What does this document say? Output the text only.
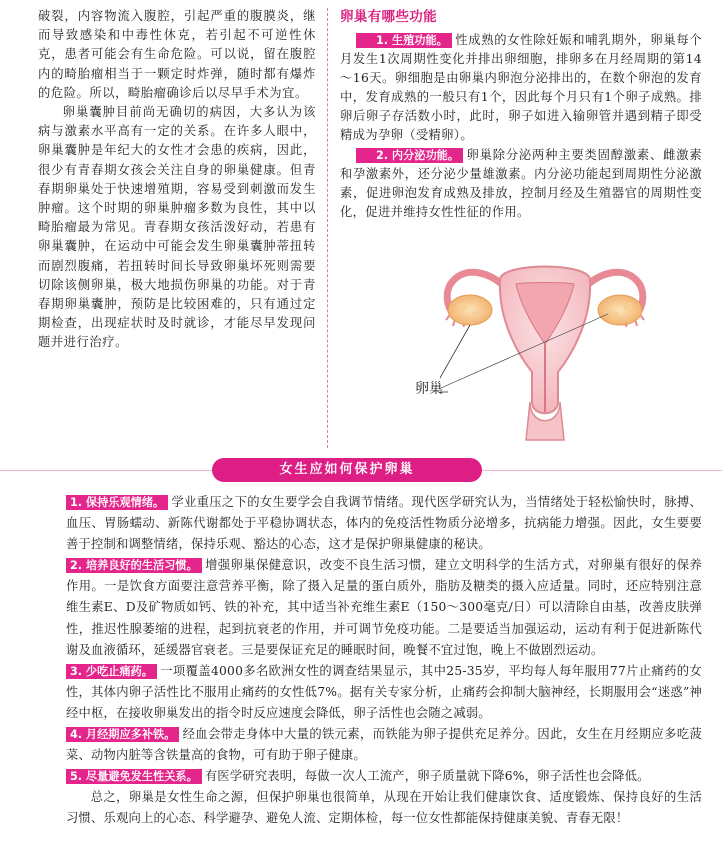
破裂，内容物流入腹腔，引起严重的腹膜炎，继而导致感染和中毒性休克，若引起不可逆性休克，患者可能会有生命危险。可以说，留在腹腔内的畸胎瘤相当于一颗定时炸弹，随时都有爆炸的危险。所以，畸胎瘤确诊后以尽早手术为宜。

卵巢囊肿目前尚无确切的病因，大多认为该病与激素水平高有一定的关系。在许多人眼中，卵巢囊肿是年纪大的女性才会患的疾病，因此，很少有青春期女孩会关注自身的卵巢健康。但青春期卵巢处于快速增殖期，容易受到刺激而发生肿瘤。这个时期的卵巢肿瘤多数为良性，其中以畸胎瘤最为常见。青春期女孩活泼好动，若患有卵巢囊肿，在运动中可能会发生卵巢囊肿蒂扭转而剧烈腹痛，若扭转时间长导致卵巢坏死则需要切除该侧卵巢，极大地损伤卵巢的功能。对于青春期卵巢囊肿，预防是比较困难的，只有通过定期检查，出现症状时及时就诊，才能尽早发现问题并进行治疗。

卵巢有哪些功能

1. 生殖功能。 性成熟的女性除妊娠和哺乳期外，卵巢每个月发生1次周期性变化并排出卵细胞，排卵多在月经周期的第14～16天。卵细胞是由卵巢内卵泡分泌排出的，在数个卵泡的发育中，发育成熟的一般只有1个，因此每个月只有1个卵子成熟。排卵后卵子存活数小时，此时，卵子如进入输卵管并遇到精子即受精成为孕卵（受精卵）。

2. 内分泌功能。 卵巢除分泌两种主要类固醇激素、雌激素和孕激素外，还分泌少量雄激素。内分泌功能起到周期性分泌激素，促进卵泡发育成熟及排放，控制月经及生殖器官的周期性变化，促进并维持女性性征的作用。

卵巢
女生应如何保护卵巢

1. 保持乐观情绪。 学业重压之下的女生要学会自我调节情绪。现代医学研究认为，当情绪处于轻松愉快时，脉搏、血压、胃肠蠕动、新陈代谢都处于平稳协调状态，体内的免疫活性物质分泌增多，抗病能力增强。因此，女生要要善于控制和调整情绪，保持乐观、豁达的心态，这才是保护卵巢健康的秘诀。

2. 培养良好的生活习惯。 增强卵巢保健意识，改变不良生活习惯，建立文明科学的生活方式，对卵巢有很好的保养作用。一是饮食方面要注意营养平衡，除了摄入足量的蛋白质外，脂肪及糖类的摄入应适量。同时，还应特别注意维生素E、D及矿物质如钙、铁的补充，其中适当补充维生素E（150～300毫克/日）可以清除自由基，改善皮肤弹性，推迟性腺萎缩的进程，起到抗衰老的作用，并可调节免疫功能。二是要适当加强运动，运动有利于促进新陈代谢及血液循环，延缓器官衰老。三是要保证充足的睡眠时间，晚餐不宜过饱，晚上不做剧烈运动。

3. 少吃止痛药。 一项覆盖4000多名欧洲女性的调查结果显示，其中25-35岁，平均每人每年服用77片止痛药的女性，其体内卵子活性比不服用止痛药的女性低7%。据有关专家分析，止痛药会抑制大脑神经，长期服用会“迷惑”神经中枢，在接收卵巢发出的指令时反应速度会降低，卵子活性也会随之减弱。

4. 月经期应多补铁。 经血会带走身体中大量的铁元素，而铁能为卵子提供充足养分。因此，女生在月经期应多吃菠菜、动物内脏等含铁量高的食物，可有助于卵子健康。

5. 尽量避免发生性关系。 有医学研究表明，每做一次人工流产，卵子质量就下降6%，卵子活性也会降低。

总之，卵巢是女性生命之源，但保护卵巢也很简单，从现在开始让我们健康饮食、适度锻炼、保持良好的生活习惯、乐观向上的心态、科学避孕、避免人流、定期体检，每一位女性都能保持健康美貌、青春无限！
